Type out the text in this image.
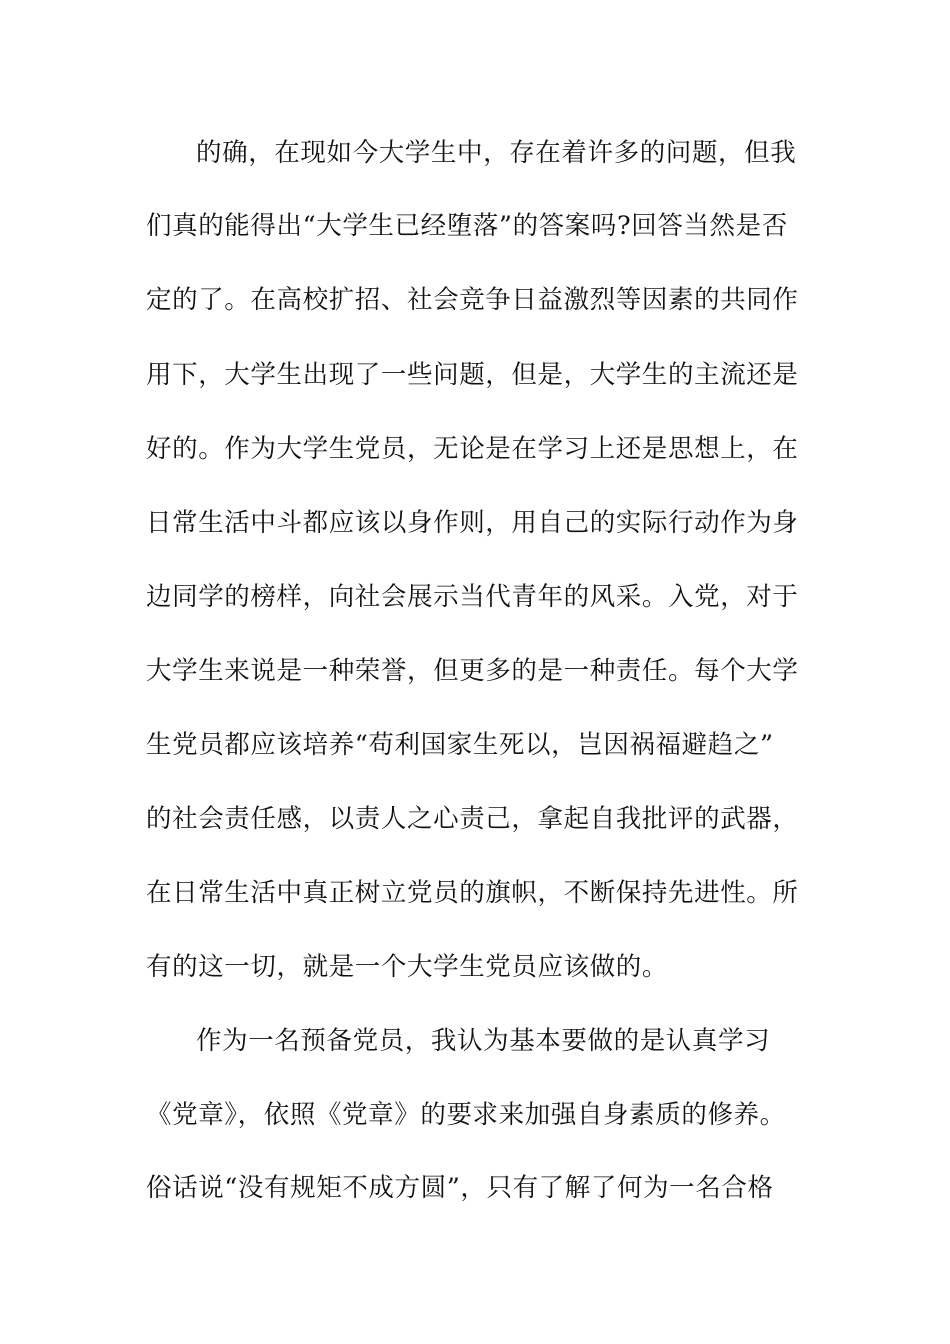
的确，在现如今大学生中，存在着许多的问题，但我
们真的能得出“大学生已经堕落”的答案吗?回答当然是否
定的了。在高校扩招、社会竞争日益激烈等因素的共同作
用下，大学生出现了一些问题，但是，大学生的主流还是
好的。作为大学生党员，无论是在学习上还是思想上，在
日常生活中斗都应该以身作则，用自己的实际行动作为身
边同学的榜样，向社会展示当代青年的风采。入党，对于
大学生来说是一种荣誉，但更多的是一种责任。每个大学
生党员都应该培养“苟利国家生死以，岂因祸福避趋之”
的社会责任感，以责人之心责己，拿起自我批评的武器，
在日常生活中真正树立党员的旗帜，不断保持先进性。所
有的这一切，就是一个大学生党员应该做的。
作为一名预备党员，我认为基本要做的是认真学习
《党章》，依照《党章》的要求来加强自身素质的修养。
俗话说“没有规矩不成方圆”，只有了解了何为一名合格
